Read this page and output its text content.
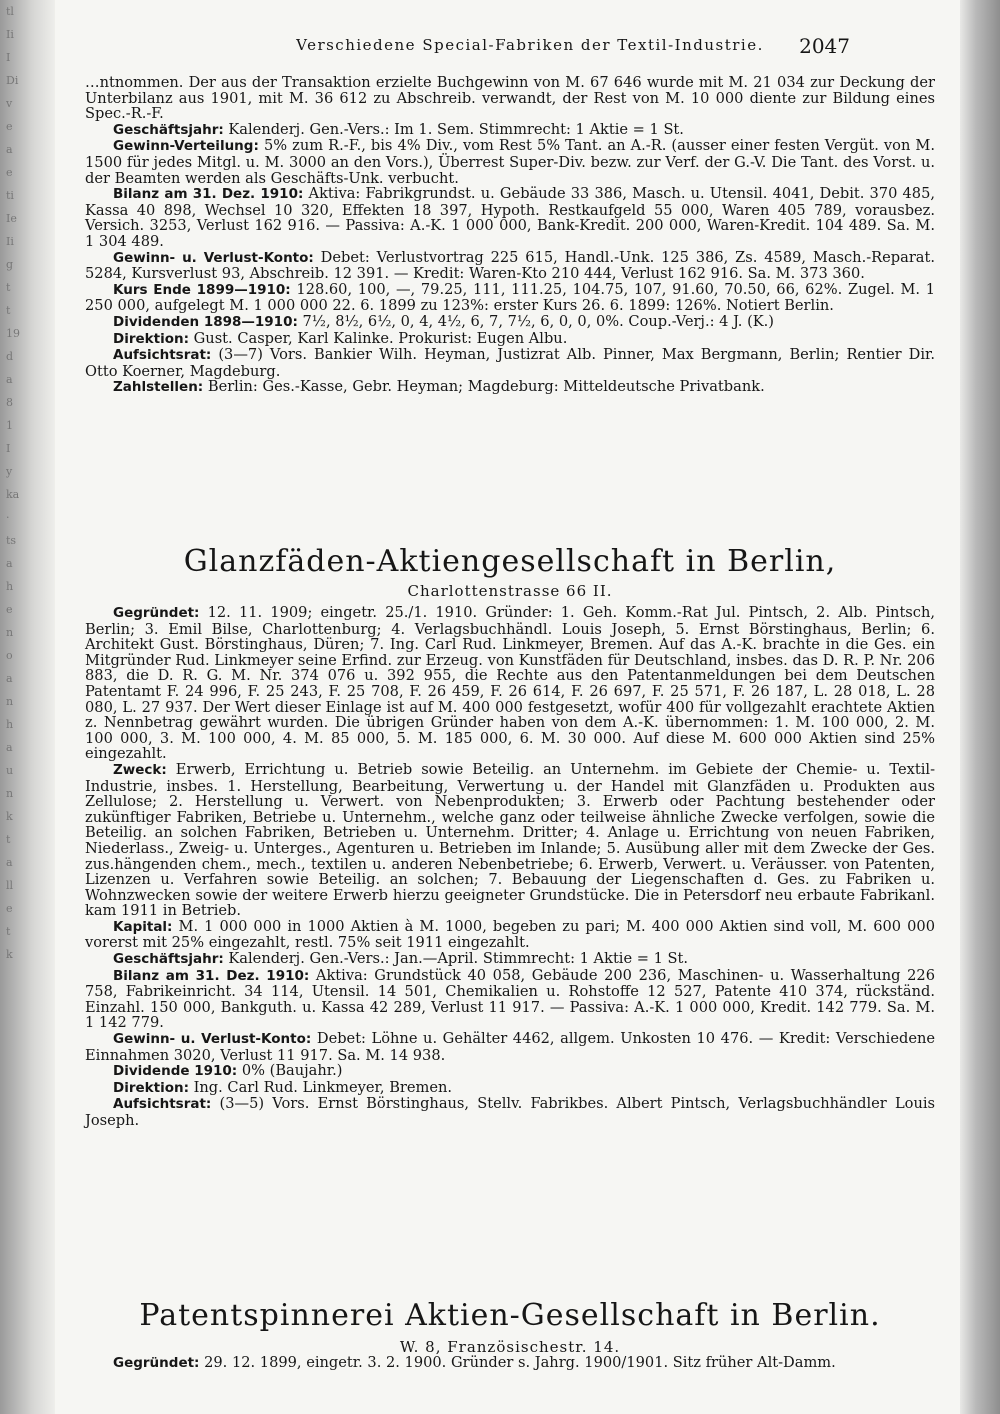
tl
Ii
I
Di
v
e
a
e
ti
Ie
Ii
g
t
t
19
d
a
8
1
I
y
ka
·
ts
a
h
e
n
o
a
n
h
a
u
n
k
t
a
ll
e
t
k
Verschiedene Special-Fabriken der Textil-Industrie.	2047

…ntnommen. Der aus der Transaktion erzielte Buchgewinn von M. 67 646 wurde mit M. 21 034 zur Deckung der Unterbilanz aus 1901, mit M. 36 612 zu Abschreib. verwandt, der Rest von M. 10 000 diente zur Bildung eines Spec.-R.-F.

Geschäftsjahr: Kalenderj. Gen.-Vers.: Im 1. Sem. Stimmrecht: 1 Aktie = 1 St.

Gewinn-Verteilung: 5% zum R.-F., bis 4% Div., vom Rest 5% Tant. an A.-R. (ausser einer festen Vergüt. von M. 1500 für jedes Mitgl. u. M. 3000 an den Vors.), Überrest Super-Div. bezw. zur Verf. der G.-V. Die Tant. des Vorst. u. der Beamten werden als Geschäfts-Unk. verbucht.

Bilanz am 31. Dez. 1910: Aktiva: Fabrikgrundst. u. Gebäude 33 386, Masch. u. Utensil. 4041, Debit. 370 485, Kassa 40 898, Wechsel 10 320, Effekten 18 397, Hypoth. Restkaufgeld 55 000, Waren 405 789, vorausbez. Versich. 3253, Verlust 162 916. — Passiva: A.-K. 1 000 000, Bank-Kredit. 200 000, Waren-Kredit. 104 489. Sa. M. 1 304 489.

Gewinn- u. Verlust-Konto: Debet: Verlustvortrag 225 615, Handl.-Unk. 125 386, Zs. 4589, Masch.-Reparat. 5284, Kursverlust 93, Abschreib. 12 391. — Kredit: Waren-Kto 210 444, Verlust 162 916. Sa. M. 373 360.

Kurs Ende 1899—1910: 128.60, 100, —, 79.25, 111, 111.25, 104.75, 107, 91.60, 70.50, 66, 62%. Zugel. M. 1 250 000, aufgelegt M. 1 000 000 22. 6. 1899 zu 123%: erster Kurs 26. 6. 1899: 126%. Notiert Berlin.

Dividenden 1898—1910: 7½, 8½, 6½, 0, 4, 4½, 6, 7, 7½, 6, 0, 0, 0%. Coup.-Verj.: 4 J. (K.)

Direktion: Gust. Casper, Karl Kalinke. Prokurist: Eugen Albu.

Aufsichtsrat: (3—7) Vors. Bankier Wilh. Heyman, Justizrat Alb. Pinner, Max Bergmann, Berlin; Rentier Dir. Otto Koerner, Magdeburg.

Zahlstellen: Berlin: Ges.-Kasse, Gebr. Heyman; Magdeburg: Mitteldeutsche Privatbank.

Glanzfäden-Aktiengesellschaft in Berlin,
Charlottenstrasse 66 II.

Gegründet: 12. 11. 1909; eingetr. 25./1. 1910. Gründer: 1. Geh. Komm.-Rat Jul. Pintsch, 2. Alb. Pintsch, Berlin; 3. Emil Bilse, Charlottenburg; 4. Verlagsbuchhändl. Louis Joseph, 5. Ernst Börstinghaus, Berlin; 6. Architekt Gust. Börstinghaus, Düren; 7. Ing. Carl Rud. Linkmeyer, Bremen. Auf das A.-K. brachte in die Ges. ein Mitgründer Rud. Linkmeyer seine Erfind. zur Erzeug. von Kunstfäden für Deutschland, insbes. das D. R. P. Nr. 206 883, die D. R. G. M. Nr. 374 076 u. 392 955, die Rechte aus den Patentanmeldungen bei dem Deutschen Patentamt F. 24 996, F. 25 243, F. 25 708, F. 26 459, F. 26 614, F. 26 697, F. 25 571, F. 26 187, L. 28 018, L. 28 080, L. 27 937. Der Wert dieser Einlage ist auf M. 400 000 festgesetzt, wofür 400 für vollgezahlt erachtete Aktien z. Nennbetrag gewährt wurden. Die übrigen Gründer haben von dem A.-K. übernommen: 1. M. 100 000, 2. M. 100 000, 3. M. 100 000, 4. M. 85 000, 5. M. 185 000, 6. M. 30 000. Auf diese M. 600 000 Aktien sind 25% eingezahlt.

Zweck: Erwerb, Errichtung u. Betrieb sowie Beteilig. an Unternehm. im Gebiete der Chemie- u. Textil-Industrie, insbes. 1. Herstellung, Bearbeitung, Verwertung u. der Handel mit Glanzfäden u. Produkten aus Zellulose; 2. Herstellung u. Verwert. von Nebenprodukten; 3. Erwerb oder Pachtung bestehender oder zukünftiger Fabriken, Betriebe u. Unternehm., welche ganz oder teilweise ähnliche Zwecke verfolgen, sowie die Beteilig. an solchen Fabriken, Betrieben u. Unternehm. Dritter; 4. Anlage u. Errichtung von neuen Fabriken, Niederlass., Zweig- u. Unterges., Agenturen u. Betrieben im Inlande; 5. Ausübung aller mit dem Zwecke der Ges. zus.hängenden chem., mech., textilen u. anderen Nebenbetriebe; 6. Erwerb, Verwert. u. Veräusser. von Patenten, Lizenzen u. Verfahren sowie Beteilig. an solchen; 7. Bebauung der Liegenschaften d. Ges. zu Fabriken u. Wohnzwecken sowie der weitere Erwerb hierzu geeigneter Grundstücke. Die in Petersdorf neu erbaute Fabrikanl. kam 1911 in Betrieb.

Kapital: M. 1 000 000 in 1000 Aktien à M. 1000, begeben zu pari; M. 400 000 Aktien sind voll, M. 600 000 vorerst mit 25% eingezahlt, restl. 75% seit 1911 eingezahlt.

Geschäftsjahr: Kalenderj. Gen.-Vers.: Jan.—April. Stimmrecht: 1 Aktie = 1 St.

Bilanz am 31. Dez. 1910: Aktiva: Grundstück 40 058, Gebäude 200 236, Maschinen- u. Wasserhaltung 226 758, Fabrikeinricht. 34 114, Utensil. 14 501, Chemikalien u. Rohstoffe 12 527, Patente 410 374, rückständ. Einzahl. 150 000, Bankguth. u. Kassa 42 289, Verlust 11 917. — Passiva: A.-K. 1 000 000, Kredit. 142 779. Sa. M. 1 142 779.

Gewinn- u. Verlust-Konto: Debet: Löhne u. Gehälter 4462, allgem. Unkosten 10 476. — Kredit: Verschiedene Einnahmen 3020, Verlust 11 917. Sa. M. 14 938.

Dividende 1910: 0% (Baujahr.)

Direktion: Ing. Carl Rud. Linkmeyer, Bremen.

Aufsichtsrat: (3—5) Vors. Ernst Börstinghaus, Stellv. Fabrikbes. Albert Pintsch, Verlagsbuchhändler Louis Joseph.

Patentspinnerei Aktien-Gesellschaft in Berlin.
W. 8, Französischestr. 14.

Gegründet: 29. 12. 1899, eingetr. 3. 2. 1900. Gründer s. Jahrg. 1900/1901. Sitz früher Alt-Damm.
